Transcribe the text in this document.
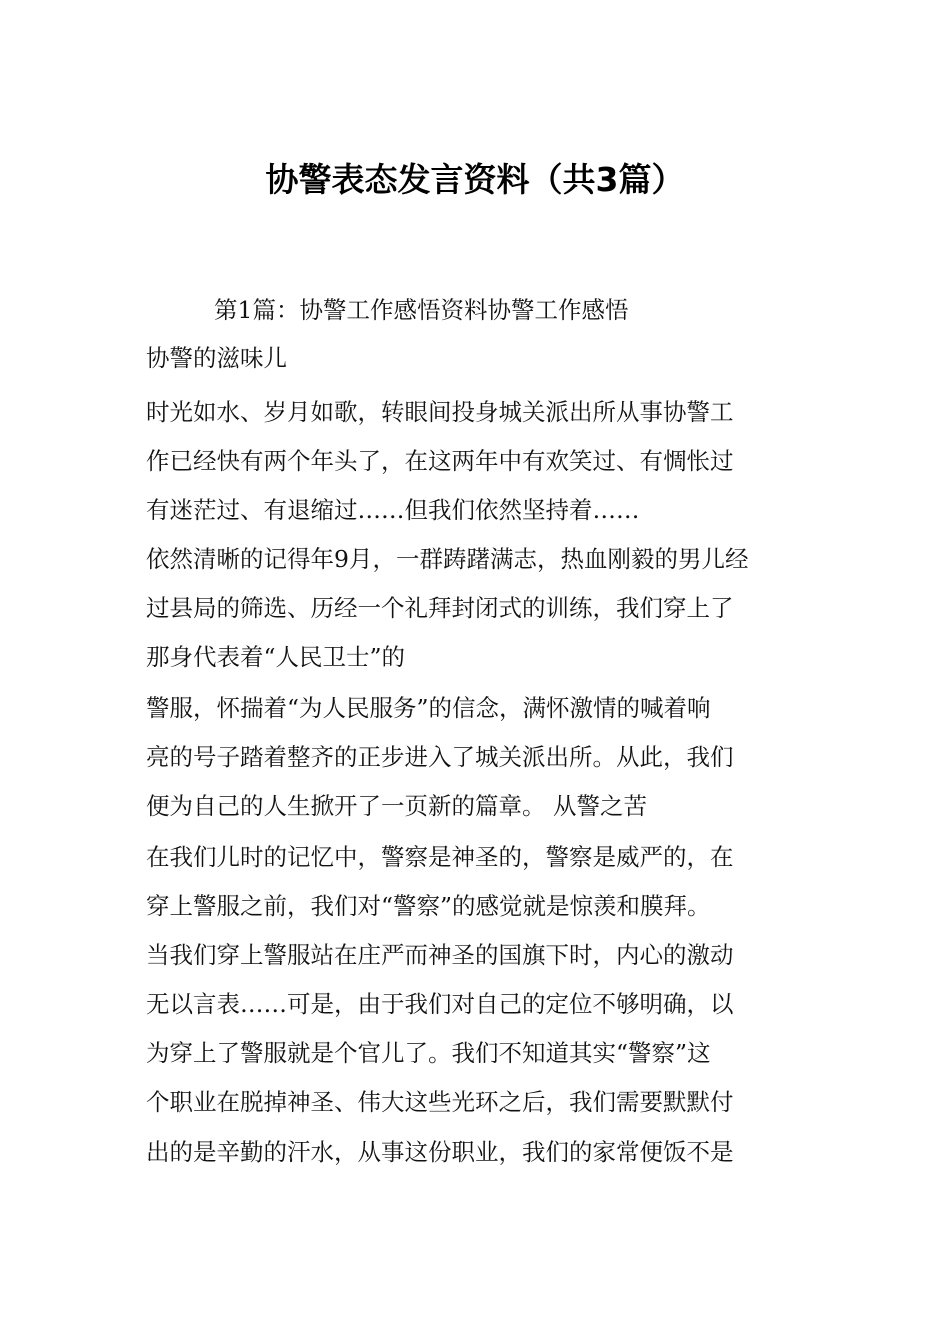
协警表态发言资料（共3篇）
第1篇：协警工作感悟资料协警工作感悟
协警的滋味儿
时光如水、岁月如歌，转眼间投身城关派出所从事协警工
作已经快有两个年头了，在这两年中有欢笑过、有惆怅过
有迷茫过、有退缩过……但我们依然坚持着……
依然清晰的记得年9月，一群踌躇满志，热血刚毅的男儿经
过县局的筛选、历经一个礼拜封闭式的训练，我们穿上了
那身代表着“人民卫士”的
警服，怀揣着“为人民服务”的信念，满怀激情的喊着响
亮的号子踏着整齐的正步进入了城关派出所。从此，我们
便为自己的人生掀开了一页新的篇章。 从警之苦
在我们儿时的记忆中，警察是神圣的，警察是威严的，在
穿上警服之前，我们对“警察”的感觉就是惊羡和膜拜。
当我们穿上警服站在庄严而神圣的国旗下时，内心的激动
无以言表……可是，由于我们对自己的定位不够明确，以
为穿上了警服就是个官儿了。我们不知道其实“警察”这
个职业在脱掉神圣、伟大这些光环之后，我们需要默默付
出的是辛勤的汗水，从事这份职业，我们的家常便饭不是
